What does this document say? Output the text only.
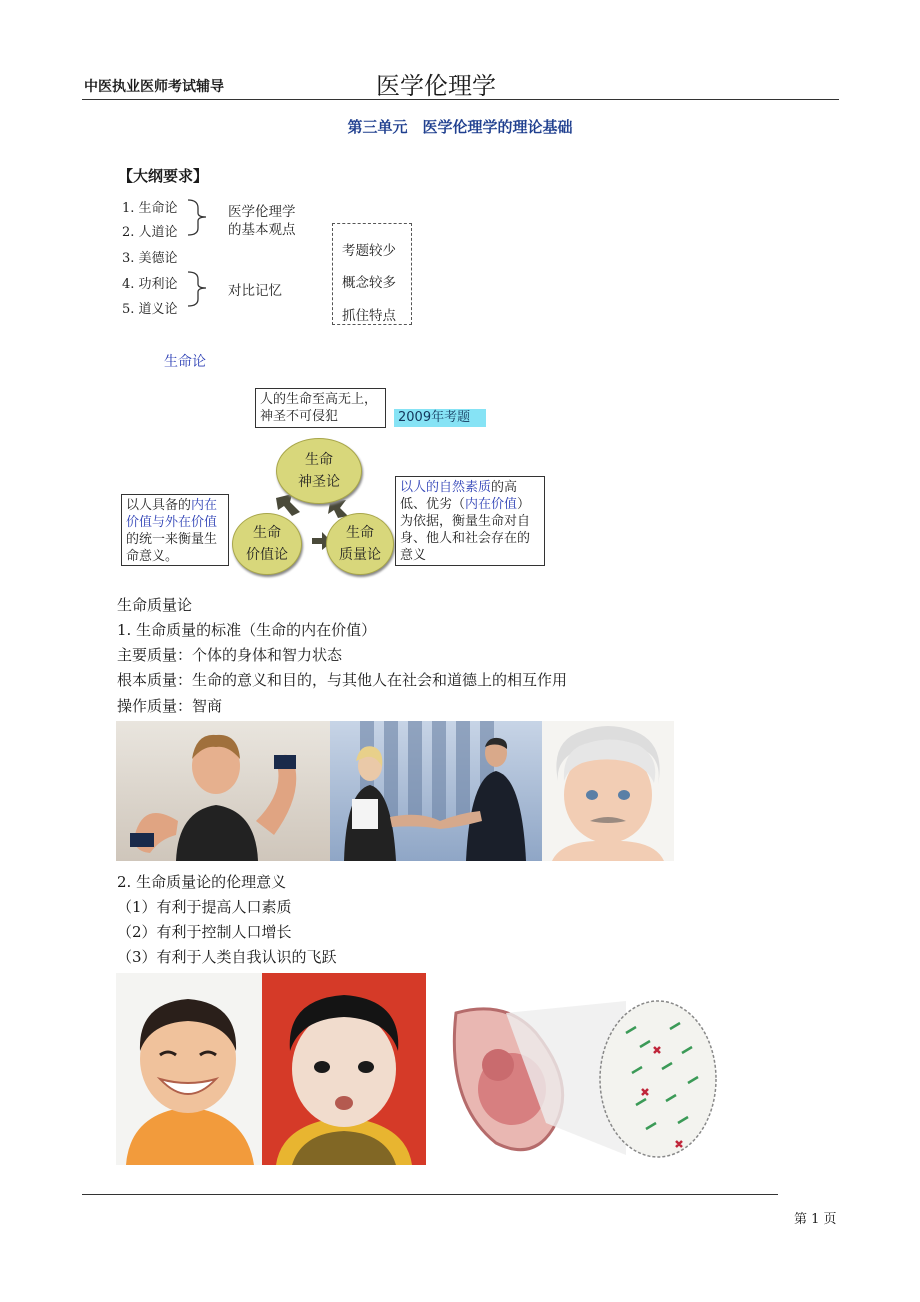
中医执业医师考试辅导	医学伦理学
第三单元　医学伦理学的理论基础
【大纲要求】
1. 生命论
2. 人道论
3. 美德论
4. 功利论
5. 道义论
医学伦理学
的基本观点
对比记忆
考题较少
概念较多
抓住特点
生命论
人的生命至高无上，
神圣不可侵犯	2009年考题
生命
神圣论
生命
价值论
生命
质量论
以人具备的内在价值与外在价值的统一来衡量生命意义。
以人的自然素质的高低、优劣（内在价值）为依据，衡量生命对自身、他人和社会存在的意义
生命质量论
1. 生命质量的标准（生命的内在价值）
主要质量：个体的身体和智力状态
根本质量：生命的意义和目的，与其他人在社会和道德上的相互作用
操作质量：智商
2. 生命质量论的伦理意义
（1）有利于提高人口素质
（2）有利于控制人口增长
（3）有利于人类自我认识的飞跃
第 1 页
